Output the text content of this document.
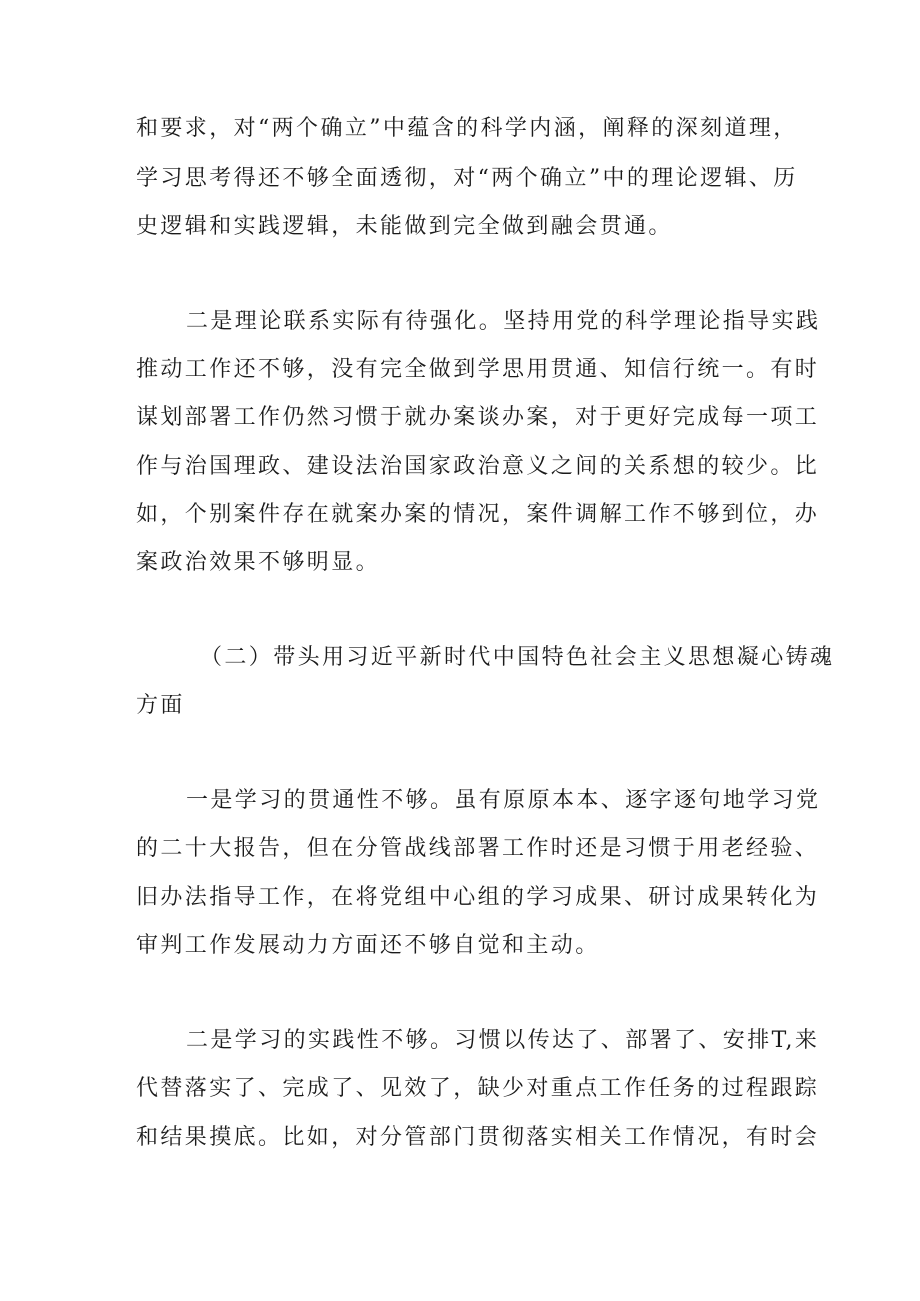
和要求，对“两个确立”中蕴含的科学内涵，阐释的深刻道理，
学习思考得还不够全面透彻，对“两个确立”中的理论逻辑、历
史逻辑和实践逻辑，未能做到完全做到融会贯通。
二是理论联系实际有待强化。坚持用党的科学理论指导实践
推动工作还不够，没有完全做到学思用贯通、知信行统一。有时
谋划部署工作仍然习惯于就办案谈办案，对于更好完成每一项工
作与治国理政、建设法治国家政治意义之间的关系想的较少。比
如，个别案件存在就案办案的情况，案件调解工作不够到位，办
案政治效果不够明显。
（二）带头用习近平新时代中国特色社会主义思想凝心铸魂
方面
一是学习的贯通性不够。虽有原原本本、逐字逐句地学习党
的二十大报告，但在分管战线部署工作时还是习惯于用老经验、
旧办法指导工作，在将党组中心组的学习成果、研讨成果转化为
审判工作发展动力方面还不够自觉和主动。
二是学习的实践性不够。习惯以传达了、部署了、安排T,来
代替落实了、完成了、见效了，缺少对重点工作任务的过程跟踪
和结果摸底。比如，对分管部门贯彻落实相关工作情况，有时会
